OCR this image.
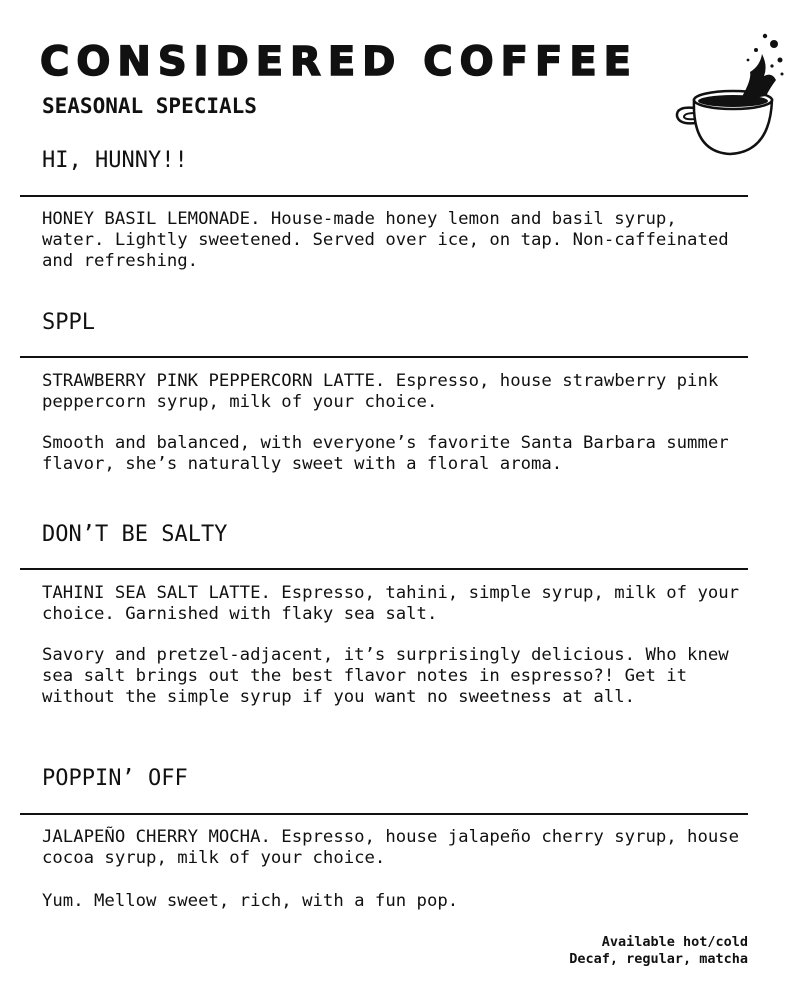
CONSIDERED COFFEE
SEASONAL SPECIALS
HI, HUNNY!!

HONEY BASIL LEMONADE. House-made honey lemon and basil syrup, water. Lightly sweetened. Served over ice, on tap. Non-caffeinated and refreshing.

SPPL

STRAWBERRY PINK PEPPERCORN LATTE. Espresso, house strawberry pink peppercorn syrup, milk of your choice.

Smooth and balanced, with everyone’s favorite Santa Barbara summer flavor, she’s naturally sweet with a floral aroma.

DON’T BE SALTY

TAHINI SEA SALT LATTE. Espresso, tahini, simple syrup, milk of your choice. Garnished with flaky sea salt.

Savory and pretzel-adjacent, it’s surprisingly delicious. Who knew sea salt brings out the best flavor notes in espresso?! Get it without the simple syrup if you want no sweetness at all.

POPPIN’ OFF

JALAPEÑO CHERRY MOCHA. Espresso, house jalapeño cherry syrup, house cocoa syrup, milk of your choice.

Yum. Mellow sweet, rich, with a fun pop.

Available hot/cold
Decaf, regular, matcha
